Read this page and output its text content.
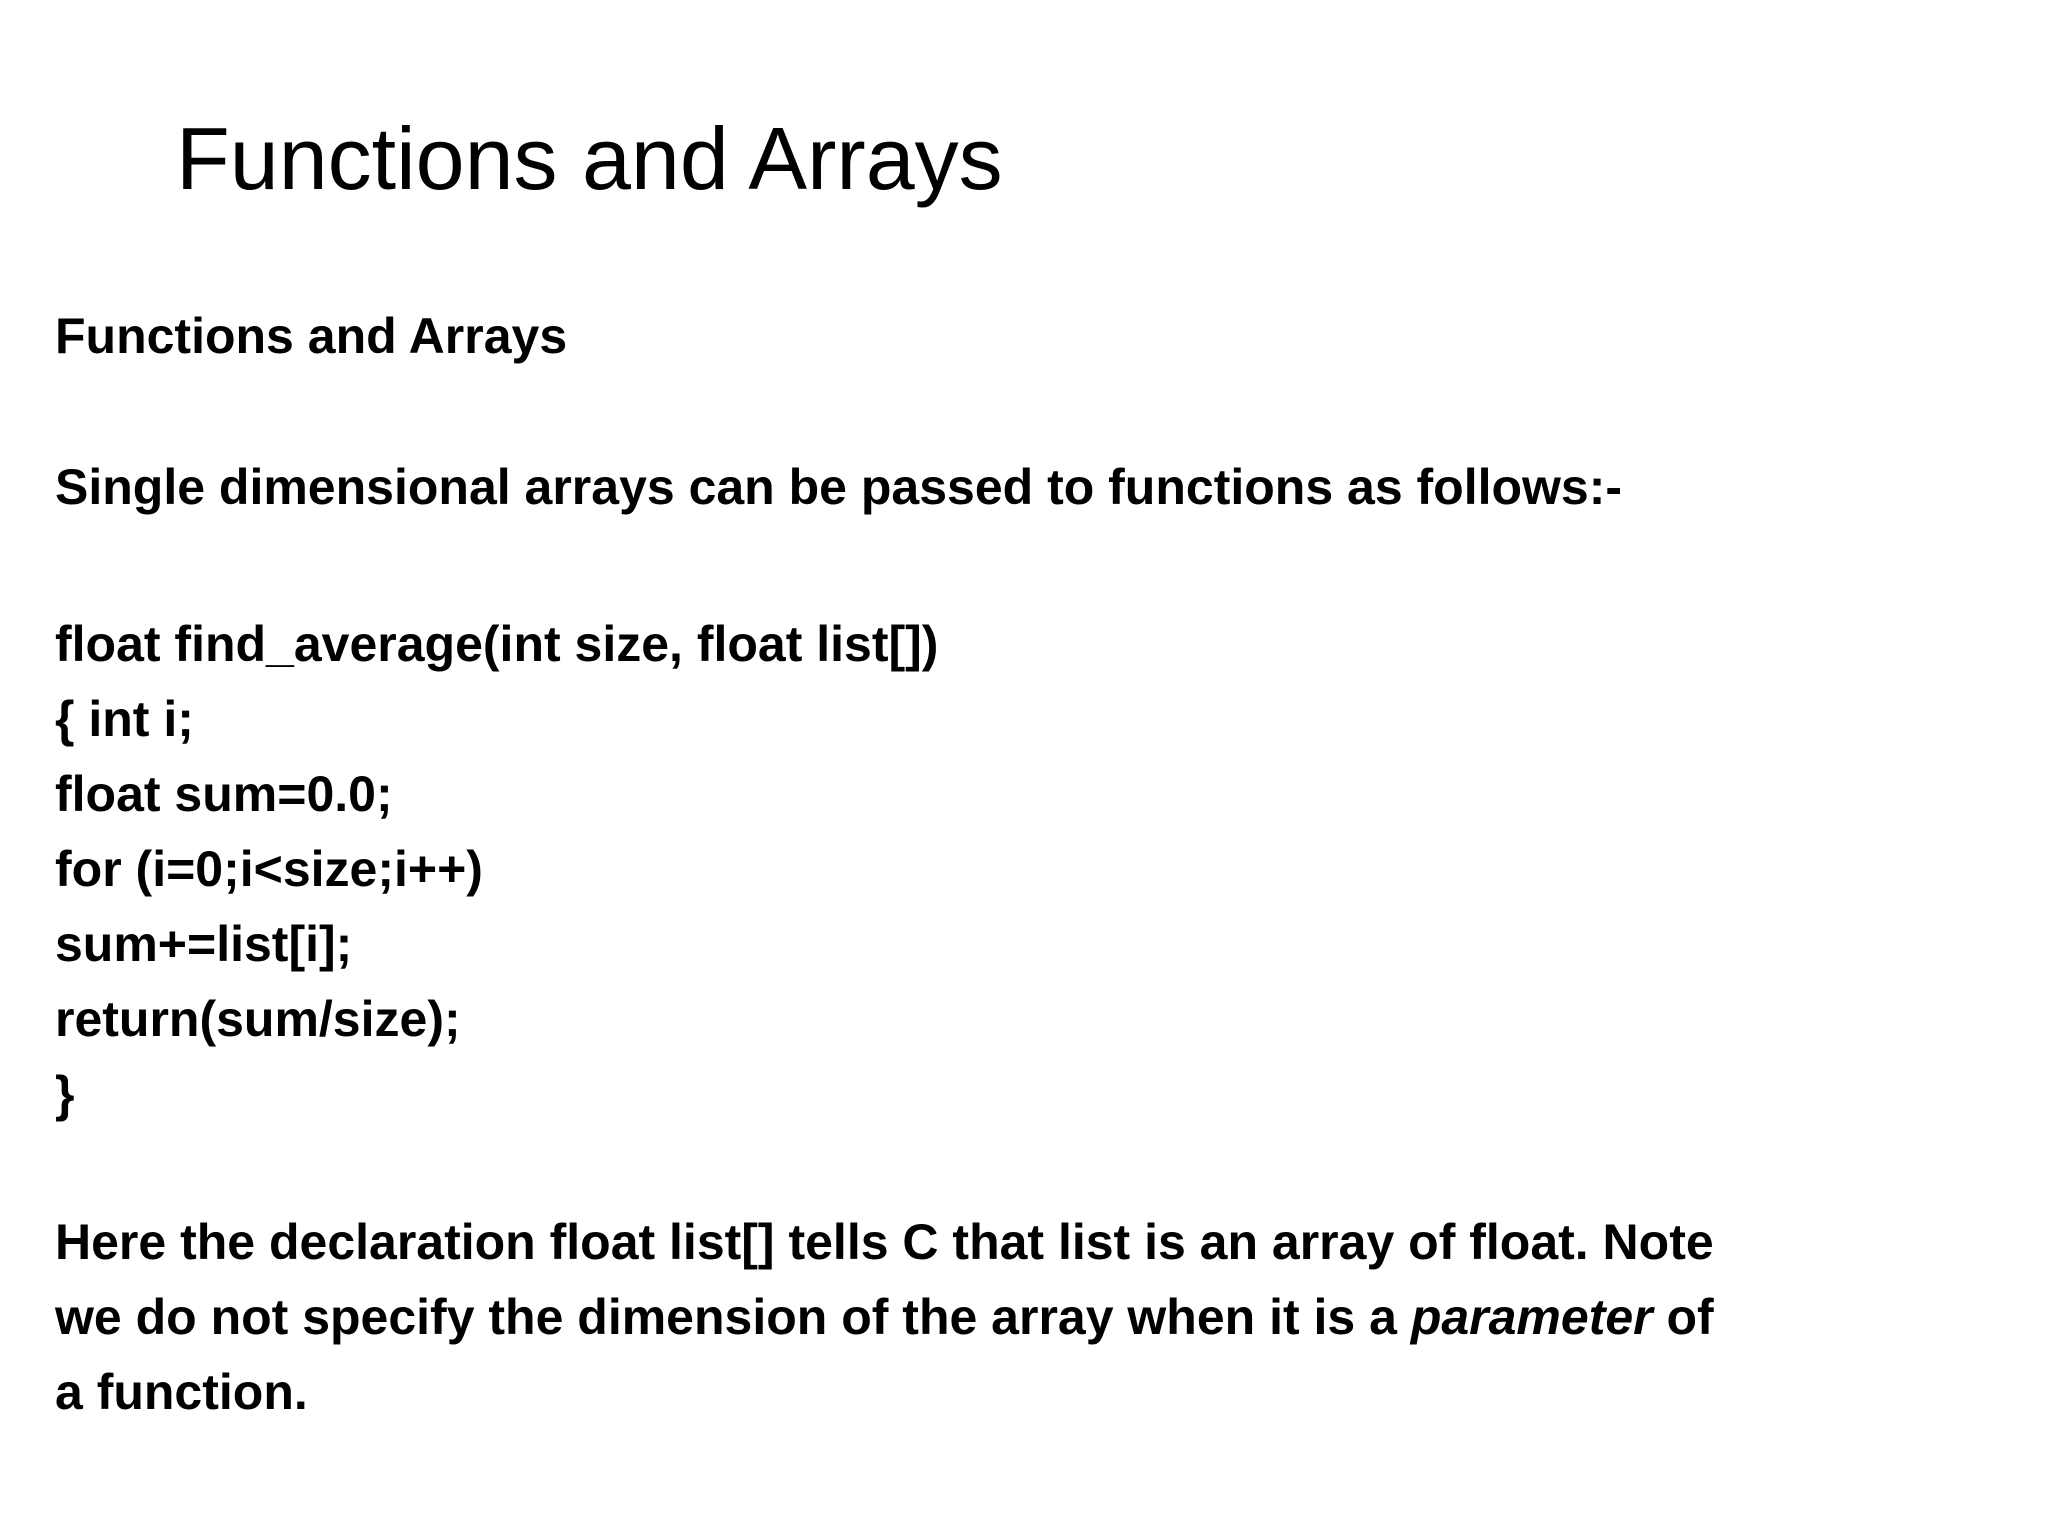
Functions and Arrays

Functions and Arrays

Single dimensional arrays can be passed to functions as follows:-

float find_average(int size, float list[])
{ int i;
float sum=0.0;
for (i=0;i<size;i++)
sum+=list[i];
return(sum/size);
}
Here the declaration float list[] tells C that list is an array of float. Note
we do not specify the dimension of the array when it is a parameter of
a function.
